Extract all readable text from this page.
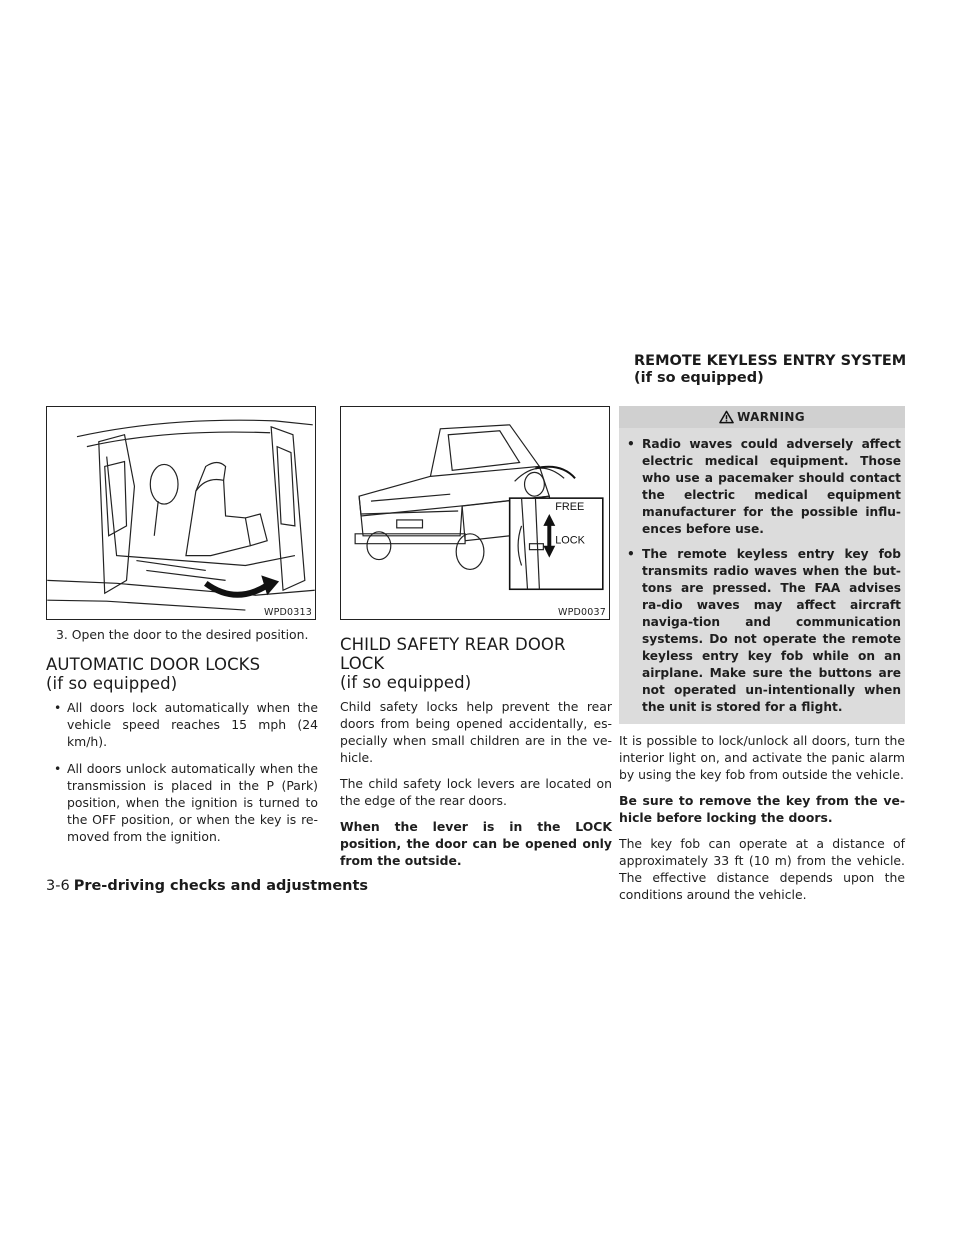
REMOTE KEYLESS ENTRY SYSTEM
(if so equipped)
WPD0313

3. Open the door to the desired position.

AUTOMATIC DOOR LOCKS
(if so equipped)
• All doors lock automatically when the vehicle speed reaches 15 mph (24 km/h).
• All doors unlock automatically when the transmission is placed in the P (Park) position, when the ignition is turned to the OFF position, or when the key is re-moved from the ignition.
FREE
LOCK
WPD0037
CHILD SAFETY REAR DOOR LOCK
(if so equipped)

Child safety locks help prevent the rear doors from being opened accidentally, es-pecially when small children are in the ve-hicle.

The child safety lock levers are located on the edge of the rear doors.

When the lever is in the LOCK position, the door can be opened only from the outside.

WARNING
• Radio waves could adversely affect electric medical equipment. Those who use a pacemaker should contact the electric medical equipment manufacturer for the possible influ-ences before use.
• The remote keyless entry key fob transmits radio waves when the but-tons are pressed. The FAA advises ra-dio waves may affect aircraft naviga-tion and communication systems. Do not operate the remote keyless entry key fob while on an airplane. Make sure the buttons are not operated un-intentionally when the unit is stored for a flight.

It is possible to lock/unlock all doors, turn the interior light on, and activate the panic alarm by using the key fob from outside the vehicle.

Be sure to remove the key from the ve-hicle before locking the doors.

The key fob can operate at a distance of approximately 33 ft (10 m) from the vehicle. The effective distance depends upon the conditions around the vehicle.

3-6 Pre-driving checks and adjustments
